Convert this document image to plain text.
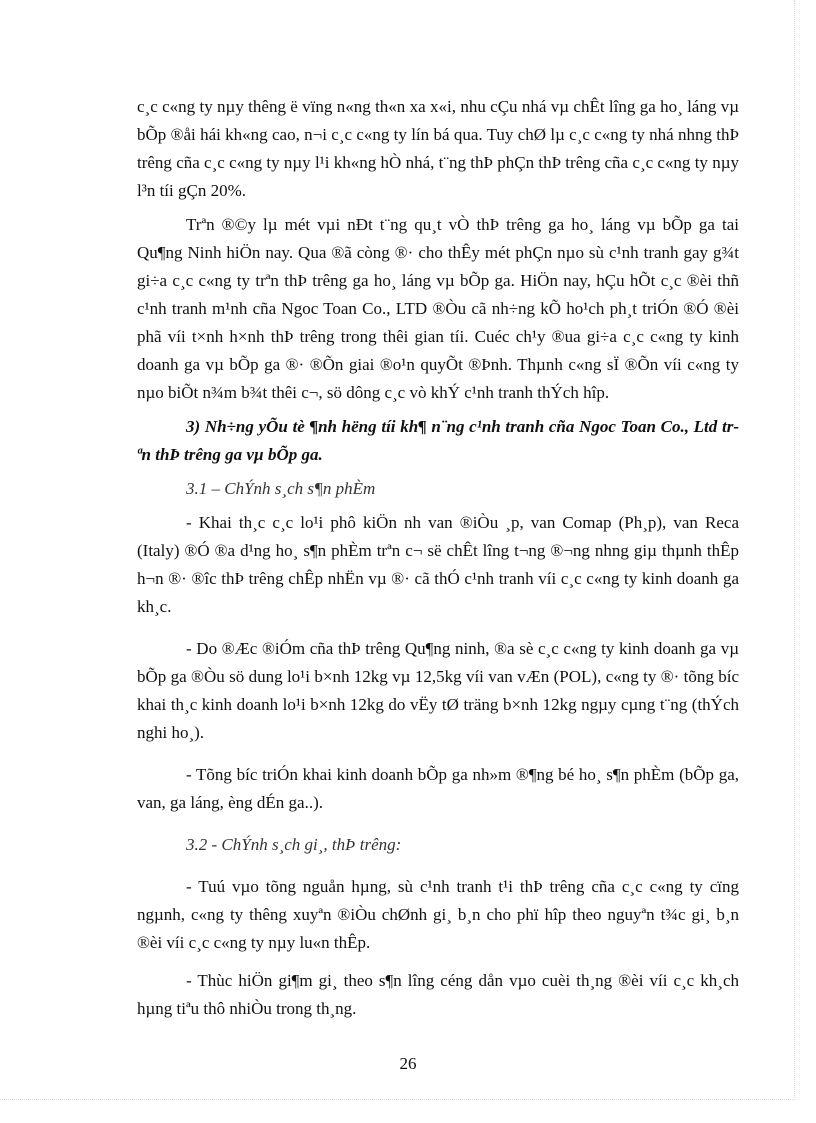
c¸c c«ng ty nµy thêng ë vïng n«ng th«n xa x«i, nhu cÇu nhá vµ chÊt lîng ga ho¸ láng vµ bÕp ®åi hái kh«ng cao, n¬i c¸c c«ng ty lín bá qua. Tuy chØ lµ c¸c c«ng ty nhá nhng thÞ trêng cña c¸c c«ng ty nµy l¹i kh«ng hÒ nhá, t¨ng thÞ phÇn thÞ trêng cña c¸c c«ng ty nµy l³n tíi gÇn 20%.

Trªn ®©y lµ mét vµi nÐt t¨ng qu¸t vÒ thÞ trêng ga ho¸ láng vµ bÕp ga tai Qu¶ng Ninh hiÖn nay. Qua ®ã còng ®· cho thÊy mét phÇn nµo sù c¹nh tranh gay g¾t gi÷a c¸c c«ng ty trªn thÞ trêng ga ho¸ láng vµ bÕp ga. HiÖn nay, hÇu hÕt c¸c ®èi thñ c¹nh tranh m¹nh cña Ngoc Toan Co., LTD ®Òu cã nh÷ng kÕ ho¹ch ph¸t triÓn ®Ó ®èi phã víi t×nh h×nh thÞ trêng trong thêi gian tíi. Cuéc ch¹y ®ua gi÷a c¸c c«ng ty kinh doanh ga vµ bÕp ga ®· ®Õn giai ®o¹n quyÕt ®Þnh. Thµnh c«ng sÏ ®Õn víi c«ng ty nµo biÕt n¾m b¾t thêi c¬, sö dông c¸c vò khÝ c¹nh tranh thÝch hîp.

3) Nh÷ng yÕu tè ¶nh hëng tíi kh¶ n¨ng c¹nh tranh cña Ngoc Toan Co., Ltd trªn thÞ trêng ga vµ bÕp ga.

3.1 – ChÝnh s¸ch s¶n phÈm

- Khai th¸c c¸c lo¹i phô kiÖn nh van ®iÒu ¸p, van Comap (Ph¸p), van Reca (Italy) ®Ó ®a d¹ng ho¸ s¶n phÈm trªn c¬ së chÊt lîng t¬ng ®¬ng nhng giµ thµnh thÊp h¬n ®· ®îc thÞ trêng chÊp nhËn vµ ®· cã thÓ c¹nh tranh víi c¸c c«ng ty kinh doanh ga kh¸c.

- Do ®Æc ®iÓm cña thÞ trêng Qu¶ng ninh, ®a sè c¸c c«ng ty kinh doanh ga vµ bÕp ga ®Òu sö dung lo¹i b×nh 12kg vµ 12,5kg víi van vÆn (POL), c«ng ty ®· tõng bíc khai th¸c kinh doanh lo¹i b×nh 12kg do vËy tØ träng b×nh 12kg ngµy cµng t¨ng (thÝch nghi ho¸).

- Tõng bíc triÓn khai kinh doanh bÕp ga nh»m ®¶ng bé ho¸ s¶n phÈm (bÕp ga, van, ga láng, èng dÉn ga..).

3.2 - ChÝnh s¸ch gi¸, thÞ trêng:

- Tuú vµo tõng nguån hµng, sù c¹nh tranh t¹i thÞ trêng cña c¸c c«ng ty cïng ngµnh, c«ng ty thêng xuyªn ®iÒu chØnh gi¸ b¸n cho phï hîp theo nguyªn t¾c gi¸ b¸n ®èi víi c¸c c«ng ty nµy lu«n thÊp.

- Thùc hiÖn gi¶m gi¸ theo s¶n lîng céng dån vµo cuèi th¸ng ®èi víi c¸c kh¸ch hµng tiªu thô nhiÒu trong th¸ng.

26
